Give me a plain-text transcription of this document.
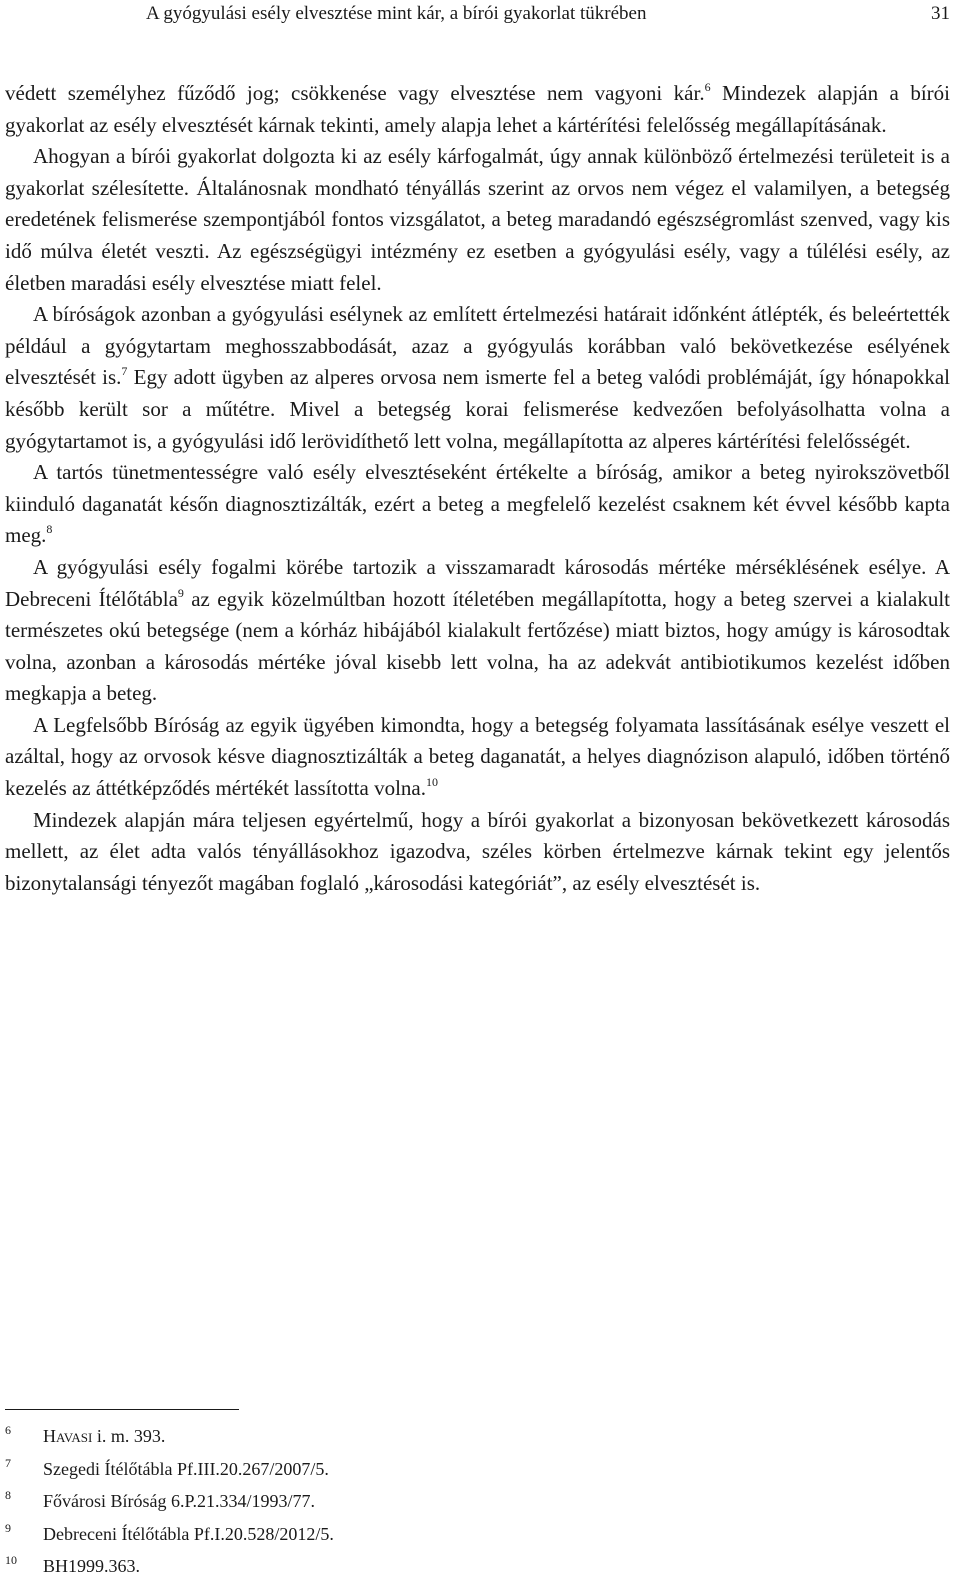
A gyógyulási esély elvesztése mint kár, a bírói gyakorlat tükrében	31

védett személyhez fűződő jog; csökkenése vagy elvesztése nem vagyoni kár.$^6$ Mindezek alapján a bírói gyakorlat az esély elvesztését kárnak tekinti, amely alapja lehet a kártérítési felelősség megállapításának.

Ahogyan a bírói gyakorlat dolgozta ki az esély kárfogalmát, úgy annak különböző értelmezési területeit is a gyakorlat szélesítette. Általánosnak mondható tényállás szerint az orvos nem végez el valamilyen, a betegség eredetének felismerése szempontjából fontos vizsgálatot, a beteg maradandó egészségromlást szenved, vagy kis idő múlva életét veszti. Az egészségügyi intézmény ez esetben a gyógyulási esély, vagy a túlélési esély, az életben maradási esély elvesztése miatt felel.

A bíróságok azonban a gyógyulási esélynek az említett értelmezési határait időnként átlépték, és beleértették például a gyógytartam meghosszabbodását, azaz a gyógyulás korábban való bekövetkezése esélyének elvesztését is.$^7$ Egy adott ügyben az alperes orvosa nem ismerte fel a beteg valódi problémáját, így hónapokkal később került sor a műtétre. Mivel a betegség korai felismerése kedvezően befolyásolhatta volna a gyógytartamot is, a gyógyulási idő lerövidíthető lett volna, megállapította az alperes kártérítési felelősségét.

A tartós tünetmentességre való esély elvesztéseként értékelte a bíróság, amikor a beteg nyirokszövetből kiinduló daganatát későn diagnosztizálták, ezért a beteg a megfelelő kezelést csaknem két évvel később kapta meg.$^8$

A gyógyulási esély fogalmi körébe tartozik a visszamaradt károsodás mértéke mérséklésének esélye. A Debreceni Ítélőtábla$^9$ az egyik közelmúltban hozott ítéletében megállapította, hogy a beteg szervei a kialakult természetes okú betegsége (nem a kórház hibájából kialakult fertőzése) miatt biztos, hogy amúgy is károsodtak volna, azonban a károsodás mértéke jóval kisebb lett volna, ha az adekvát antibiotikumos kezelést időben megkapja a beteg.

A Legfelsőbb Bíróság az egyik ügyében kimondta, hogy a betegség folyamata lassításának esélye veszett el azáltal, hogy az orvosok késve diagnosztizálták a beteg daganatát, a helyes diagnózison alapuló, időben történő kezelés az áttétképződés mértékét lassította volna.$^{10}$

Mindezek alapján mára teljesen egyértelmű, hogy a bírói gyakorlat a bizonyosan bekövetkezett károsodás mellett, az élet adta valós tényállásokhoz igazodva, széles körben értelmezve kárnak tekint egy jelentős bizonytalansági tényezőt magában foglaló „károsodási kategóriát”, az esély elvesztését is.

6 Havasi i. m. 393.
7 Szegedi Ítélőtábla Pf.III.20.267/2007/5.
8 Fővárosi Bíróság 6.P.21.334/1993/77.
9 Debreceni Ítélőtábla Pf.I.20.528/2012/5.
10 BH1999.363.
